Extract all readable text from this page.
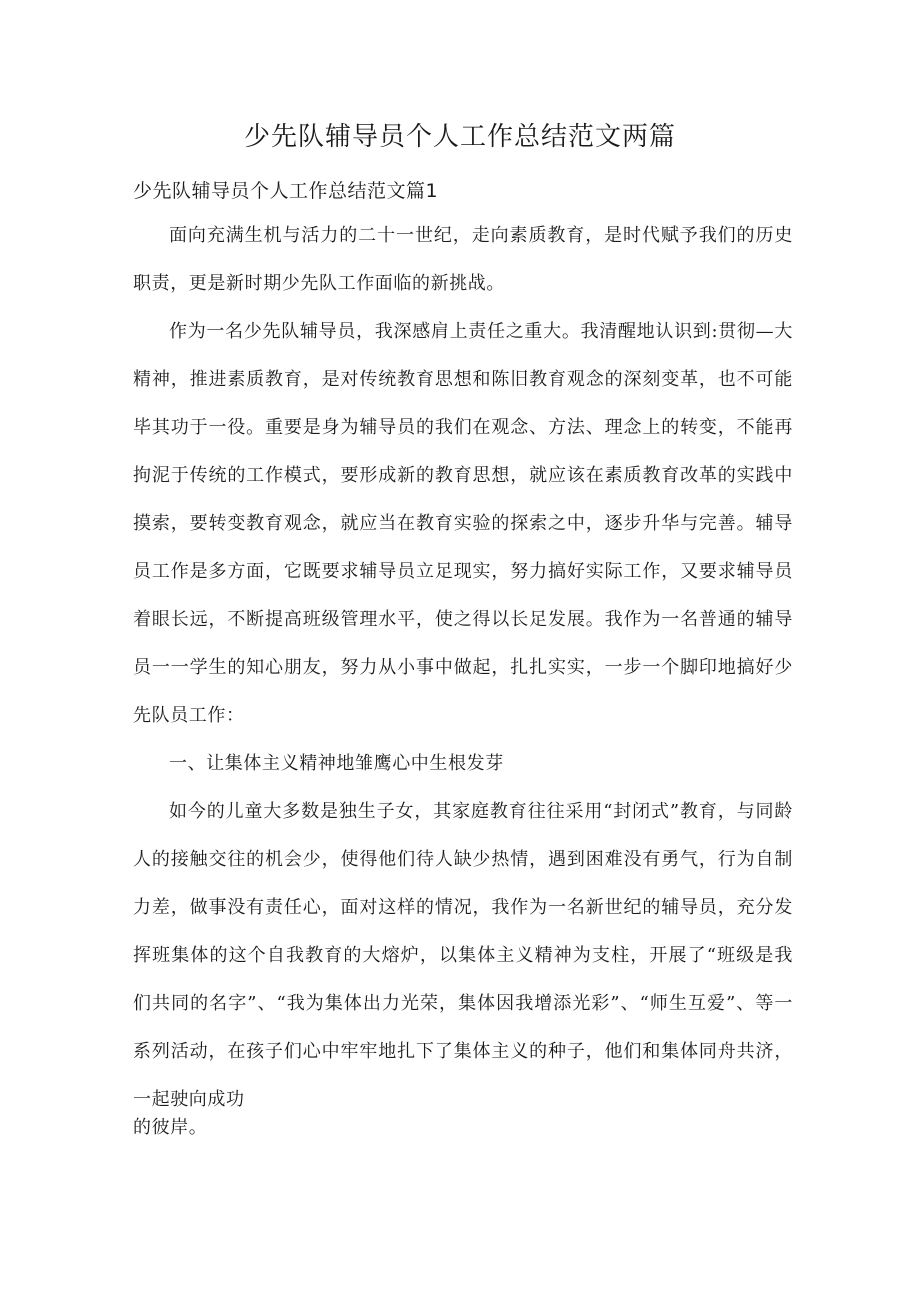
少先队辅导员个人工作总结范文两篇
少先队辅导员个人工作总结范文篇1

面向充满生机与活力的二十一世纪，走向素质教育，是时代赋予我们的历史职责，更是新时期少先队工作面临的新挑战。

作为一名少先队辅导员，我深感肩上责任之重大。我清醒地认识到:贯彻—大精神，推进素质教育，是对传统教育思想和陈旧教育观念的深刻变革，也不可能毕其功于一役。重要是身为辅导员的我们在观念、方法、理念上的转变，不能再拘泥于传统的工作模式，要形成新的教育思想，就应该在素质教育改革的实践中摸索，要转变教育观念，就应当在教育实验的探索之中，逐步升华与完善。辅导员工作是多方面，它既要求辅导员立足现实，努力搞好实际工作，又要求辅导员着眼长远，不断提高班级管理水平，使之得以长足发展。我作为一名普通的辅导员一一学生的知心朋友，努力从小事中做起，扎扎实实，一步一个脚印地搞好少先队员工作：

一、让集体主义精神地雏鹰心中生根发芽

如今的儿童大多数是独生子女，其家庭教育往往采用“封闭式”教育，与同龄人的接触交往的机会少，使得他们待人缺少热情，遇到困难没有勇气，行为自制力差，做事没有责任心，面对这样的情况，我作为一名新世纪的辅导员，充分发挥班集体的这个自我教育的大熔炉，以集体主义精神为支柱，开展了“班级是我们共同的名字”、“我为集体出力光荣，集体因我增添光彩”、“师生互爱”、等一系列活动，在孩子们心中牢牢地扎下了集体主义的种子，他们和集体同舟共济，一起驶向成功

的彼岸。
